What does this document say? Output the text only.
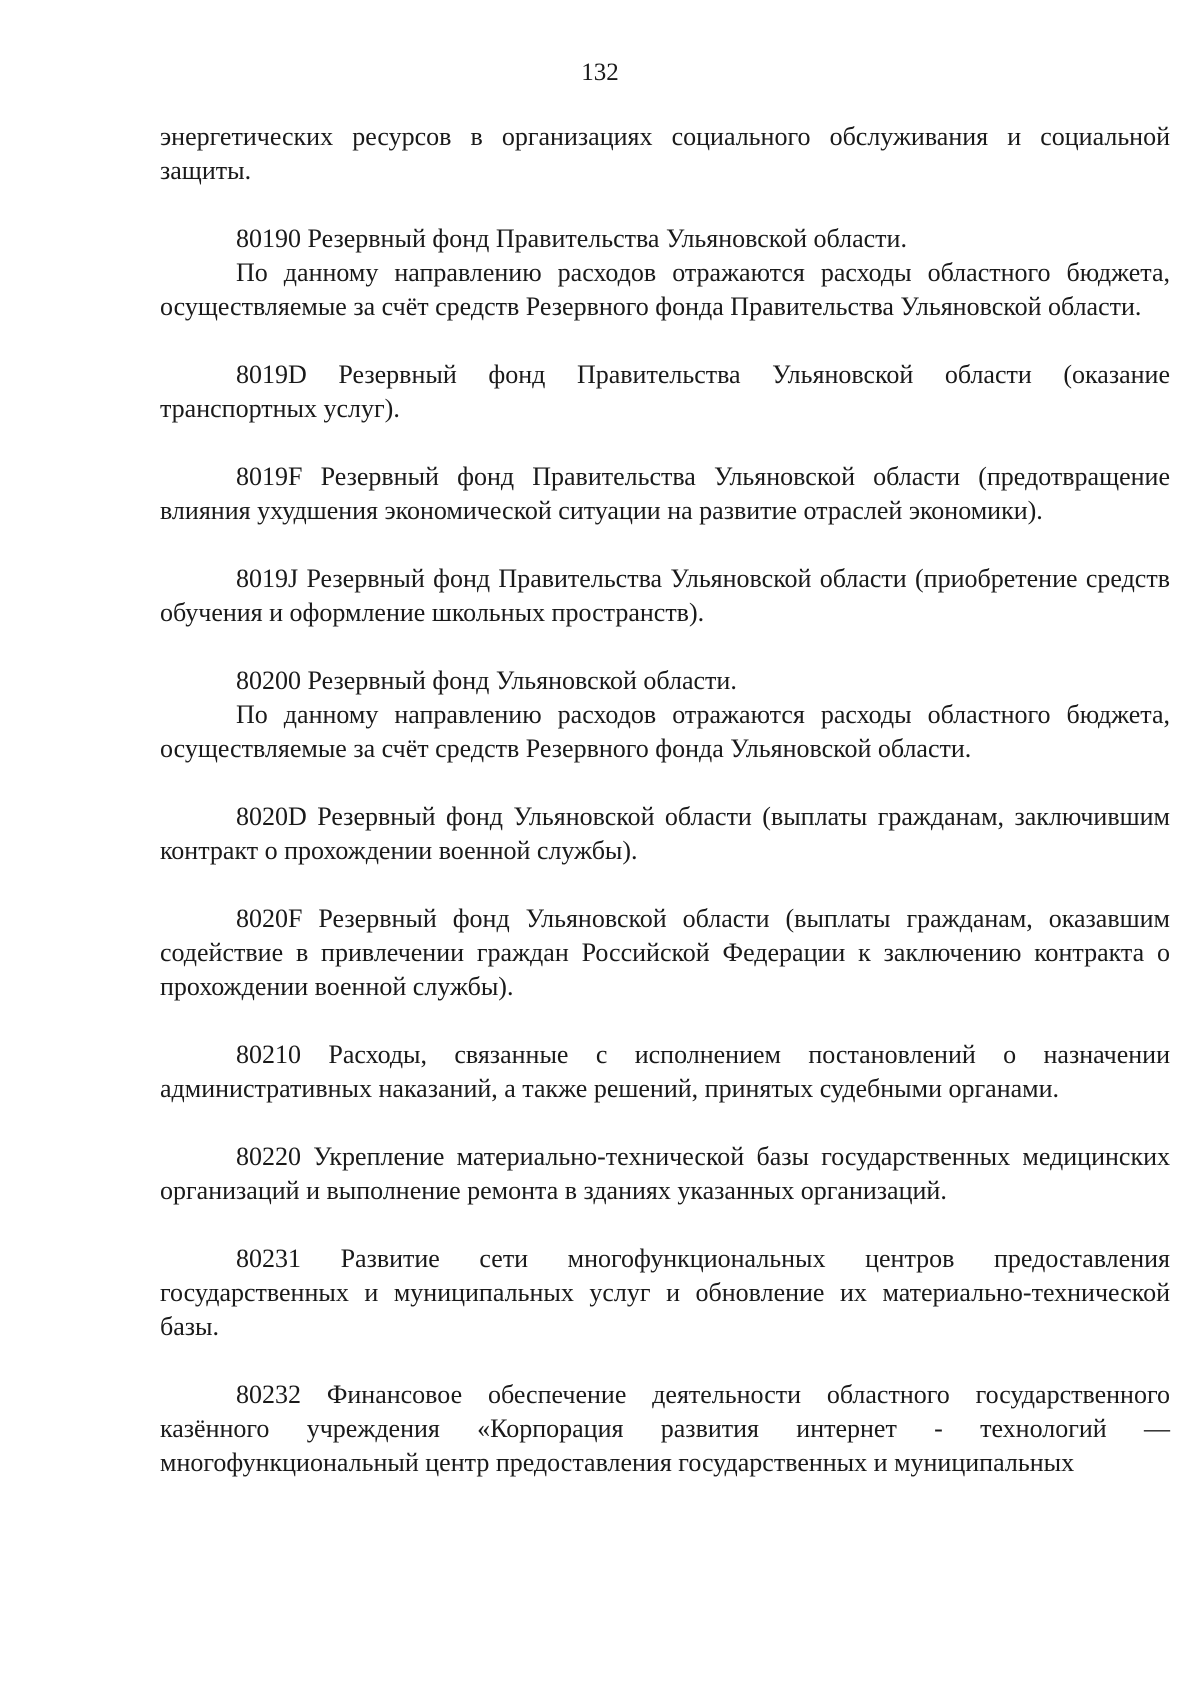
132

энергетических ресурсов в организациях социального обслуживания и социальной защиты.

80190 Резервный фонд Правительства Ульяновской области.

По данному направлению расходов отражаются расходы областного бюджета, осуществляемые за счёт средств Резервного фонда Правительства Ульяновской области.

8019D Резервный фонд Правительства Ульяновской области (оказание транспортных услуг).

8019F Резервный фонд Правительства Ульяновской области (предотвращение влияния ухудшения экономической ситуации на развитие отраслей экономики).

8019J Резервный фонд Правительства Ульяновской области (приобретение средств обучения и оформление школьных пространств).

80200 Резервный фонд Ульяновской области.

По данному направлению расходов отражаются расходы областного бюджета, осуществляемые за счёт средств Резервного фонда Ульяновской области.

8020D Резервный фонд Ульяновской области (выплаты гражданам, заключившим контракт о прохождении военной службы).

8020F Резервный фонд Ульяновской области (выплаты гражданам, оказавшим содействие в привлечении граждан Российской Федерации к заключению контракта о прохождении военной службы).

80210 Расходы, связанные с исполнением постановлений о назначении административных наказаний, а также решений, принятых судебными органами.

80220 Укрепление материально-технической базы государственных медицинских организаций и выполнение ремонта в зданиях указанных организаций.

80231 Развитие сети многофункциональных центров предоставления государственных и муниципальных услуг и обновление их материально-технической базы.

80232 Финансовое обеспечение деятельности областного государственного казённого учреждения «Корпорация развития интернет - технологий — многофункциональный центр предоставления государственных и муниципальных
